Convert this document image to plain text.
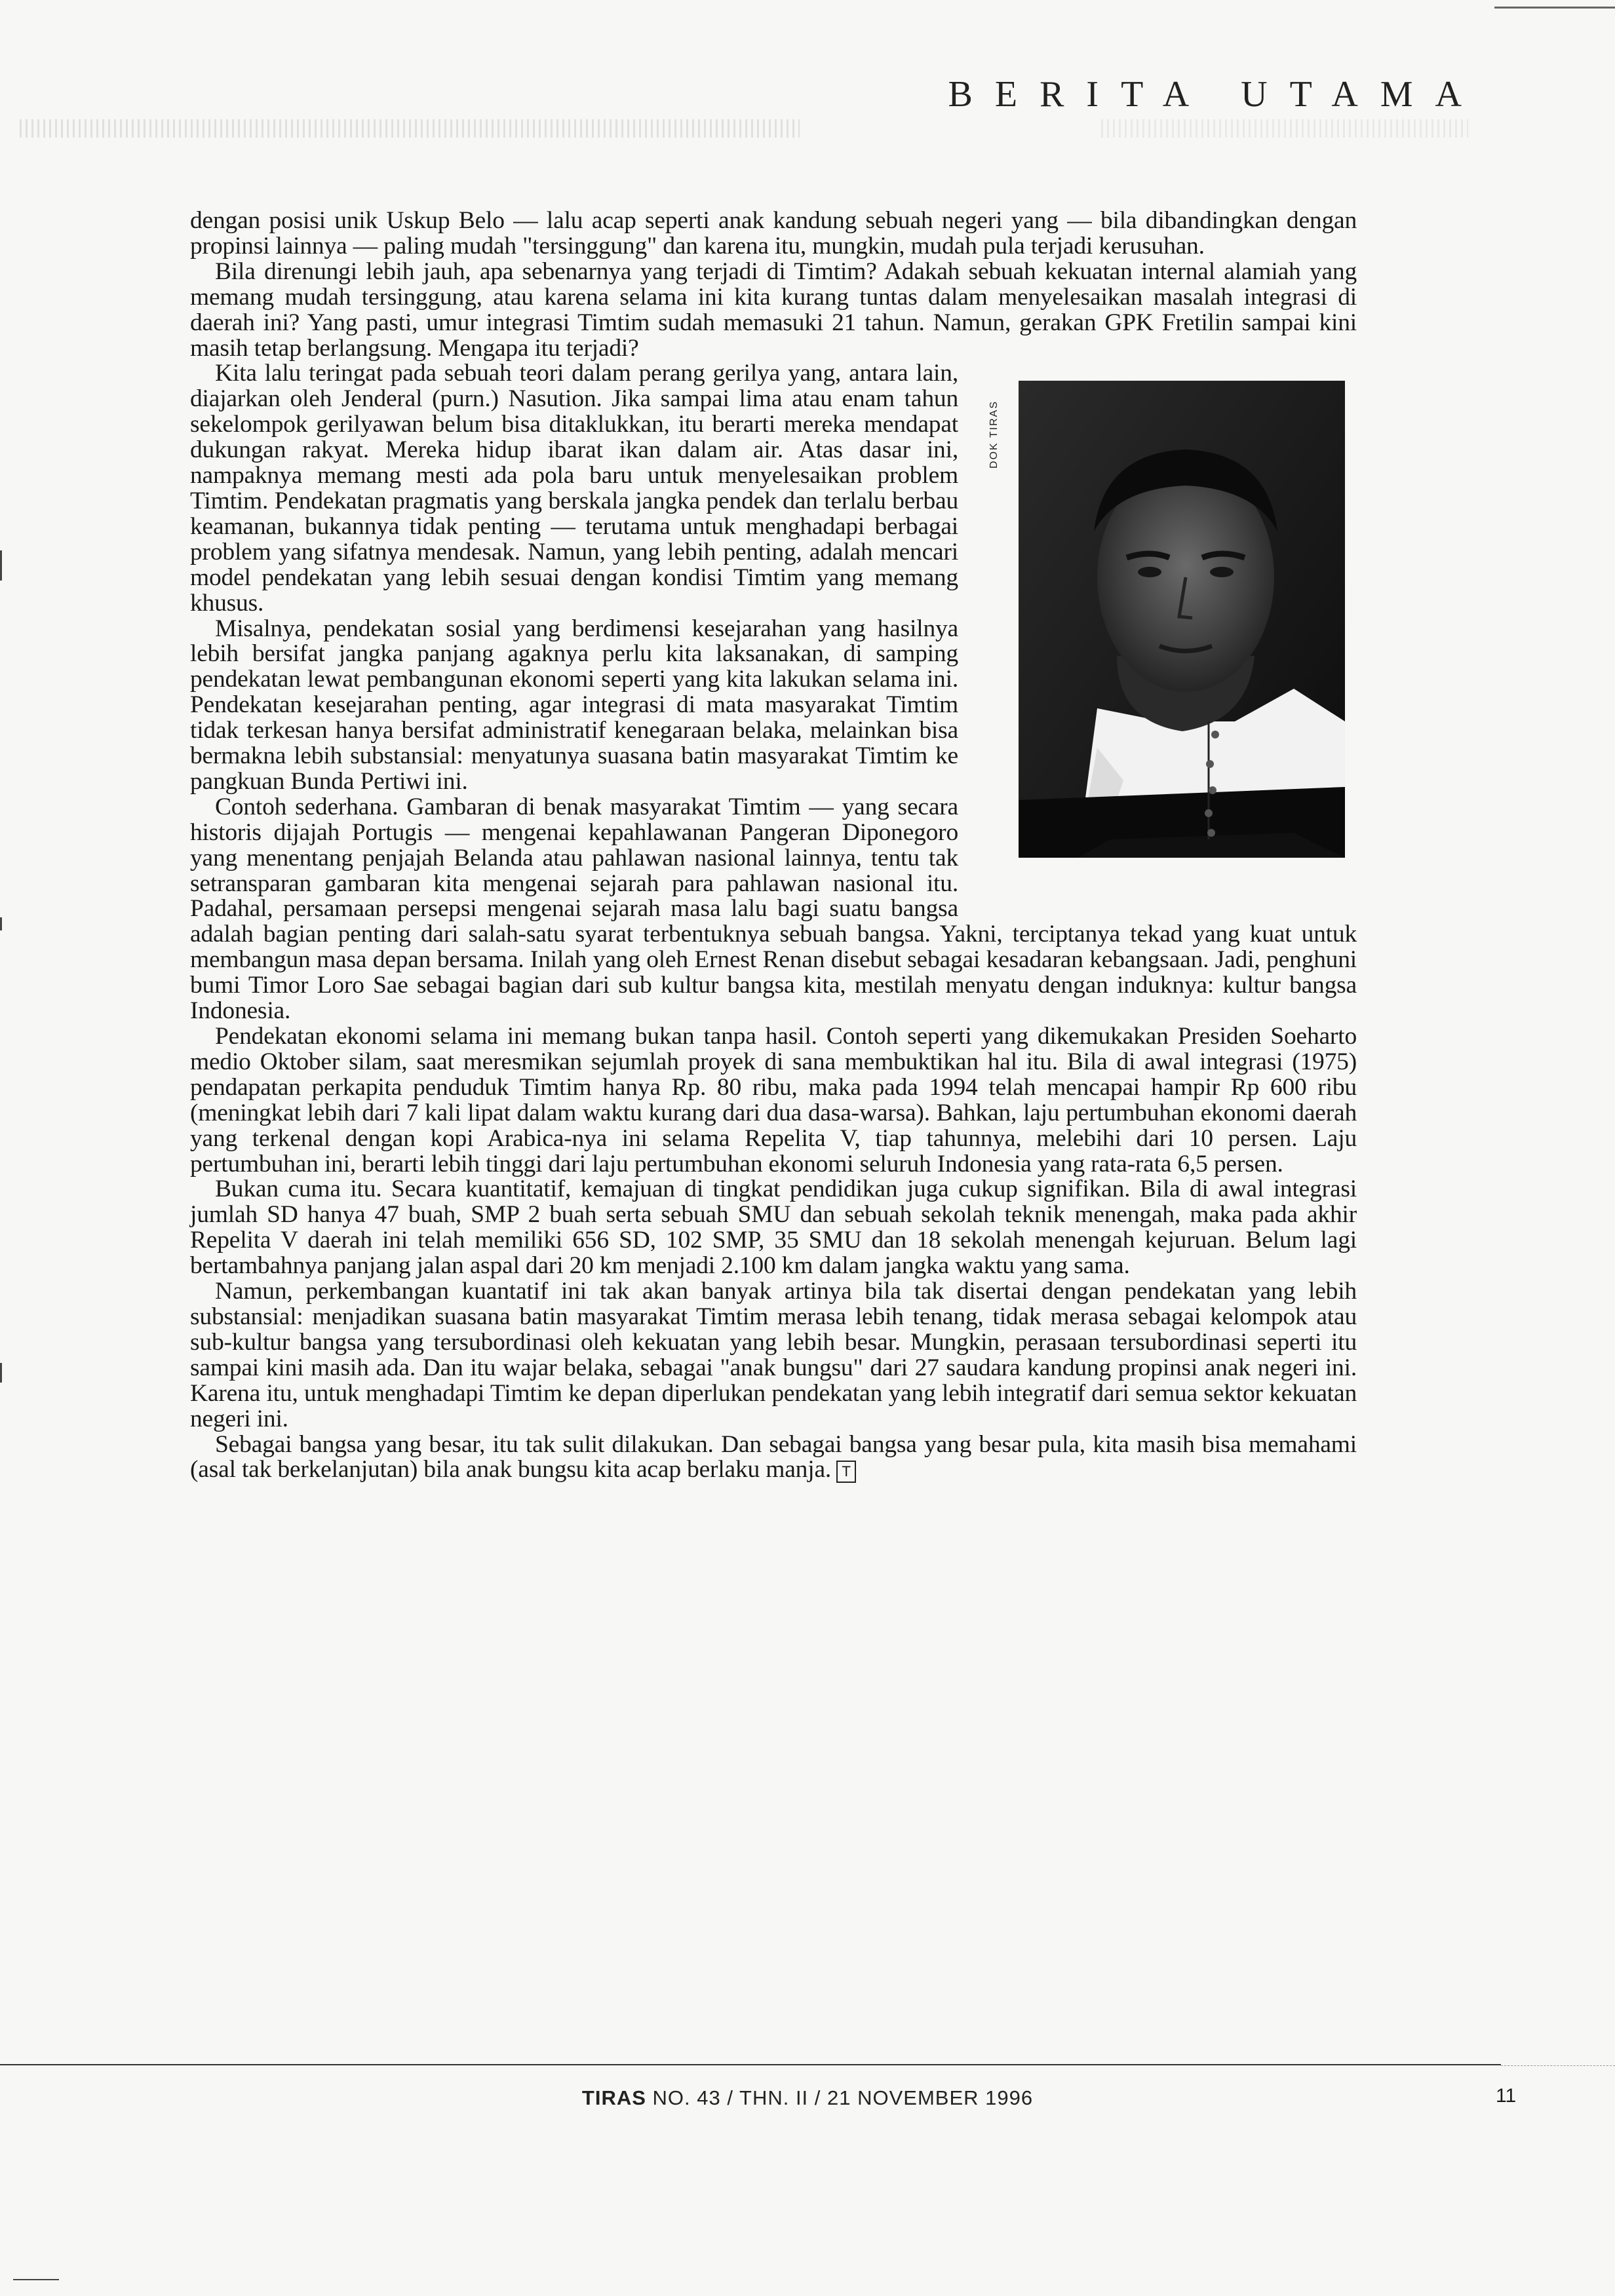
BERITA UTAMA

dengan posisi unik Uskup Belo — lalu acap seperti anak kandung sebuah negeri yang — bila dibandingkan dengan propinsi lainnya — paling mudah "tersinggung" dan karena itu, mungkin, mudah pula terjadi kerusuhan.

Bila direnungi lebih jauh, apa sebenarnya yang terjadi di Timtim? Adakah sebuah kekuatan internal alamiah yang memang mudah tersinggung, atau karena selama ini kita kurang tuntas dalam menyelesaikan masalah integrasi di daerah ini? Yang pasti, umur integrasi Timtim sudah memasuki 21 tahun. Namun, gerakan GPK Fretilin sampai kini masih tetap berlangsung. Mengapa itu terjadi?

DOK TIRAS

Kita lalu teringat pada sebuah teori dalam perang gerilya yang, antara lain, diajarkan oleh Jenderal (purn.) Nasution. Jika sampai lima atau enam tahun sekelompok gerilyawan belum bisa ditaklukkan, itu berarti mereka mendapat dukungan rakyat. Mereka hidup ibarat ikan dalam air. Atas dasar ini, nampaknya memang mesti ada pola baru untuk menyelesaikan problem Timtim. Pendekatan pragmatis yang berskala jangka pendek dan terlalu berbau keamanan, bukannya tidak penting — terutama untuk menghadapi berbagai problem yang sifatnya mendesak. Namun, yang lebih penting, adalah mencari model pendekatan yang lebih sesuai dengan kondisi Timtim yang memang khusus.

Misalnya, pendekatan sosial yang berdimensi kesejarahan yang hasilnya lebih bersifat jangka panjang agaknya perlu kita laksanakan, di samping pendekatan lewat pembangunan ekonomi seperti yang kita lakukan selama ini. Pendekatan kesejarahan penting, agar integrasi di mata masyarakat Timtim tidak terkesan hanya bersifat administratif kenegaraan belaka, melainkan bisa bermakna lebih substansial: menyatunya suasana batin masyarakat Timtim ke pangkuan Bunda Pertiwi ini.

Contoh sederhana. Gambaran di benak masyarakat Timtim — yang secara historis dijajah Portugis — mengenai kepahlawanan Pangeran Diponegoro yang menentang penjajah Belanda atau pahlawan nasional lainnya, tentu tak setransparan gambaran kita mengenai sejarah para pahlawan nasional itu. Padahal, persamaan persepsi mengenai sejarah masa lalu bagi suatu bangsa adalah bagian penting dari salah-satu syarat terbentuknya sebuah bangsa. Yakni, terciptanya tekad yang kuat untuk membangun masa depan bersama. Inilah yang oleh Ernest Renan disebut sebagai kesadaran kebangsaan. Jadi, penghuni bumi Timor Loro Sae sebagai bagian dari sub kultur bangsa kita, mestilah menyatu dengan induknya: kultur bangsa Indonesia.

Pendekatan ekonomi selama ini memang bukan tanpa hasil. Contoh seperti yang dikemukakan Presiden Soeharto medio Oktober silam, saat meresmikan sejumlah proyek di sana membuktikan hal itu. Bila di awal integrasi (1975) pendapatan perkapita penduduk Timtim hanya Rp. 80 ribu, maka pada 1994 telah mencapai hampir Rp 600 ribu (meningkat lebih dari 7 kali lipat dalam waktu kurang dari dua dasa-warsa). Bahkan, laju pertumbuhan ekonomi daerah yang terkenal dengan kopi Arabica-nya ini selama Repelita V, tiap tahunnya, melebihi dari 10 persen. Laju pertumbuhan ini, berarti lebih tinggi dari laju pertumbuhan ekonomi seluruh Indonesia yang rata-rata 6,5 persen.

Bukan cuma itu. Secara kuantitatif, kemajuan di tingkat pendidikan juga cukup signifikan. Bila di awal integrasi jumlah SD hanya 47 buah, SMP 2 buah serta sebuah SMU dan sebuah sekolah teknik menengah, maka pada akhir Repelita V daerah ini telah memiliki 656 SD, 102 SMP, 35 SMU dan 18 sekolah menengah kejuruan. Belum lagi bertambahnya panjang jalan aspal dari 20 km menjadi 2.100 km dalam jangka waktu yang sama.

Namun, perkembangan kuantatif ini tak akan banyak artinya bila tak disertai dengan pendekatan yang lebih substansial: menjadikan suasana batin masyarakat Timtim merasa lebih tenang, tidak merasa sebagai kelompok atau sub-kultur bangsa yang tersubordinasi oleh kekuatan yang lebih besar. Mungkin, perasaan tersubordinasi seperti itu sampai kini masih ada. Dan itu wajar belaka, sebagai "anak bungsu" dari 27 saudara kandung propinsi anak negeri ini. Karena itu, untuk menghadapi Timtim ke depan diperlukan pendekatan yang lebih integratif dari semua sektor kekuatan negeri ini.

Sebagai bangsa yang besar, itu tak sulit dilakukan. Dan sebagai bangsa yang besar pula, kita masih bisa memahami (asal tak berkelanjutan) bila anak bungsu kita acap berlaku manja. T

TIRAS NO. 43 / THN. II / 21 NOVEMBER 1996	11
